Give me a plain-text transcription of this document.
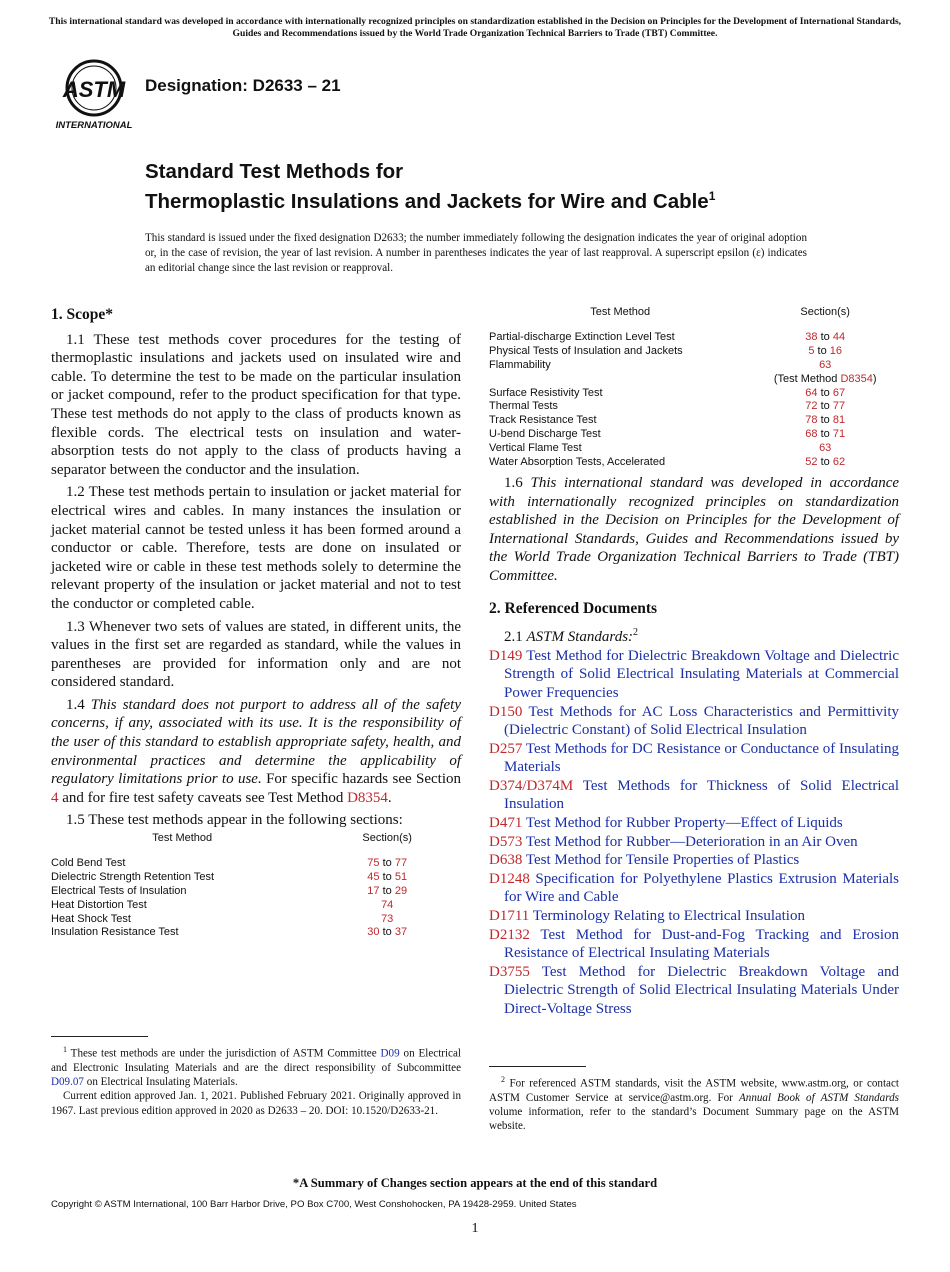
This international standard was developed in accordance with internationally recognized principles on standardization established in the Decision on Principles for the Development of International Standards, Guides and Recommendations issued by the World Trade Organization Technical Barriers to Trade (TBT) Committee.
ASTM
INTERNATIONAL
Designation: D2633 – 21
Standard Test Methods for
Thermoplastic Insulations and Jackets for Wire and Cable$^1$
This standard is issued under the fixed designation D2633; the number immediately following the designation indicates the year of original adoption or, in the case of revision, the year of last revision. A number in parentheses indicates the year of last reapproval. A superscript epsilon (ε) indicates an editorial change since the last revision or reapproval.
1. Scope*
1.1 These test methods cover procedures for the testing of thermoplastic insulations and jackets used on insulated wire and cable. To determine the test to be made on the particular insulation or jacket compound, refer to the product specification for that type. These test methods do not apply to the class of products known as flexible cords. The electrical tests on insulation and water-absorption tests do not apply to the class of products having a separator between the conductor and the insulation.
1.2 These test methods pertain to insulation or jacket material for electrical wires and cables. In many instances the insulation or jacket material cannot be tested unless it has been formed around a conductor or cable. Therefore, tests are done on insulated or jacketed wire or cable in these test methods solely to determine the relevant property of the insulation or jacket material and not to test the conductor or completed cable.
1.3 Whenever two sets of values are stated, in different units, the values in the first set are regarded as standard, while the values in parentheses are provided for information only and are not considered standard.
1.4 This standard does not purport to address all of the safety concerns, if any, associated with its use. It is the responsibility of the user of this standard to establish appropriate safety, health, and environmental practices and determine the applicability of regulatory limitations prior to use. For specific hazards see Section 4 and for fire test safety caveats see Test Method D8354.
1.5 These test methods appear in the following sections:
Test Method	Section(s)
Cold Bend Test	75 to 77
Dielectric Strength Retention Test	45 to 51
Electrical Tests of Insulation	17 to 29
Heat Distortion Test	74
Heat Shock Test	73
Insulation Resistance Test	30 to 37
Test Method	Section(s)
Partial-discharge Extinction Level Test	38 to 44
Physical Tests of Insulation and Jackets	5 to 16
Flammability	63
	(Test Method D8354)
Surface Resistivity Test	64 to 67
Thermal Tests	72 to 77
Track Resistance Test	78 to 81
U-bend Discharge Test	68 to 71
Vertical Flame Test	63
Water Absorption Tests, Accelerated	52 to 62
1.6 This international standard was developed in accordance with internationally recognized principles on standardization established in the Decision on Principles for the Development of International Standards, Guides and Recommendations issued by the World Trade Organization Technical Barriers to Trade (TBT) Committee.
2. Referenced Documents
2.1 ASTM Standards:$^2$
D149 Test Method for Dielectric Breakdown Voltage and Dielectric Strength of Solid Electrical Insulating Materials at Commercial Power Frequencies
D150 Test Methods for AC Loss Characteristics and Permittivity (Dielectric Constant) of Solid Electrical Insulation
D257 Test Methods for DC Resistance or Conductance of Insulating Materials
D374/D374M Test Methods for Thickness of Solid Electrical Insulation
D471 Test Method for Rubber Property—Effect of Liquids
D573 Test Method for Rubber—Deterioration in an Air Oven
D638 Test Method for Tensile Properties of Plastics
D1248 Specification for Polyethylene Plastics Extrusion Materials for Wire and Cable
D1711 Terminology Relating to Electrical Insulation
D2132 Test Method for Dust-and-Fog Tracking and Erosion Resistance of Electrical Insulating Materials
D3755 Test Method for Dielectric Breakdown Voltage and Dielectric Strength of Solid Electrical Insulating Materials Under Direct-Voltage Stress

$^1$ These test methods are under the jurisdiction of ASTM Committee D09 on Electrical and Electronic Insulating Materials and are the direct responsibility of Subcommittee D09.07 on Electrical Insulating Materials.

Current edition approved Jan. 1, 2021. Published February 2021. Originally approved in 1967. Last previous edition approved in 2020 as D2633 – 20. DOI: 10.1520/D2633-21.

$^2$ For referenced ASTM standards, visit the ASTM website, www.astm.org, or contact ASTM Customer Service at service@astm.org. For Annual Book of ASTM Standards volume information, refer to the standard’s Document Summary page on the ASTM website.

*A Summary of Changes section appears at the end of this standard
Copyright © ASTM International, 100 Barr Harbor Drive, PO Box C700, West Conshohocken, PA 19428-2959. United States
1
